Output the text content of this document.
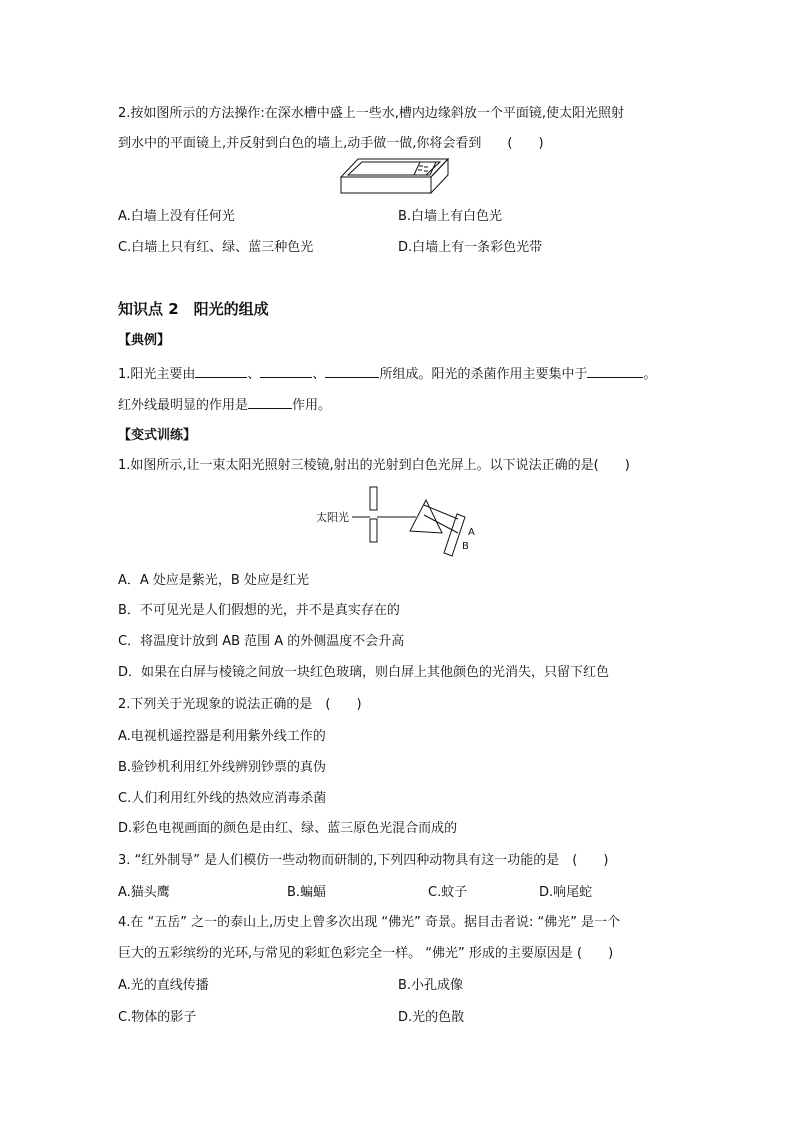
2.按如图所示的方法操作:在深水槽中盛上一些水,槽内边缘斜放一个平面镜,使太阳光照射
到水中的平面镜上,并反射到白色的墙上,动手做一做,你将会看到　　(　　)
A.白墙上没有任何光	B.白墙上有白色光
C.白墙上只有红、绿、蓝三种色光	D.白墙上有一条彩色光带
知识点 2　阳光的组成
【典例】
1.阳光主要由	、	、	所组成。阳光的杀菌作用主要集中于	。
红外线最明显的作用是	作用。
【变式训练】
1.如图所示,让一束太阳光照射三棱镜,射出的光射到白色光屏上。以下说法正确的是(　　)
太阳光
A
B
A．A 处应是紫光，B 处应是红光
B．不可见光是人们假想的光，并不是真实存在的
C．将温度计放到 AB 范围 A 的外侧温度不会升高
D．如果在白屏与棱镜之间放一块红色玻璃，则白屏上其他颜色的光消失，只留下红色
2.下列关于光现象的说法正确的是　(　　)
A.电视机遥控器是利用紫外线工作的
B.验钞机利用红外线辨别钞票的真伪
C.人们利用红外线的热效应消毒杀菌
D.彩色电视画面的颜色是由红、绿、蓝三原色光混合而成的
3. “红外制导” 是人们模仿一些动物而研制的,下列四种动物具有这一功能的是　(　　)
A.猫头鹰	B.蝙蝠	C.蚊子	D.响尾蛇
4.在 “五岳” 之一的泰山上,历史上曾多次出现 “佛光” 奇景。据目击者说: “佛光” 是一个
巨大的五彩缤纷的光环,与常见的彩虹色彩完全一样。 “佛光” 形成的主要原因是 (　　)
A.光的直线传播	B.小孔成像
C.物体的影子	D.光的色散
